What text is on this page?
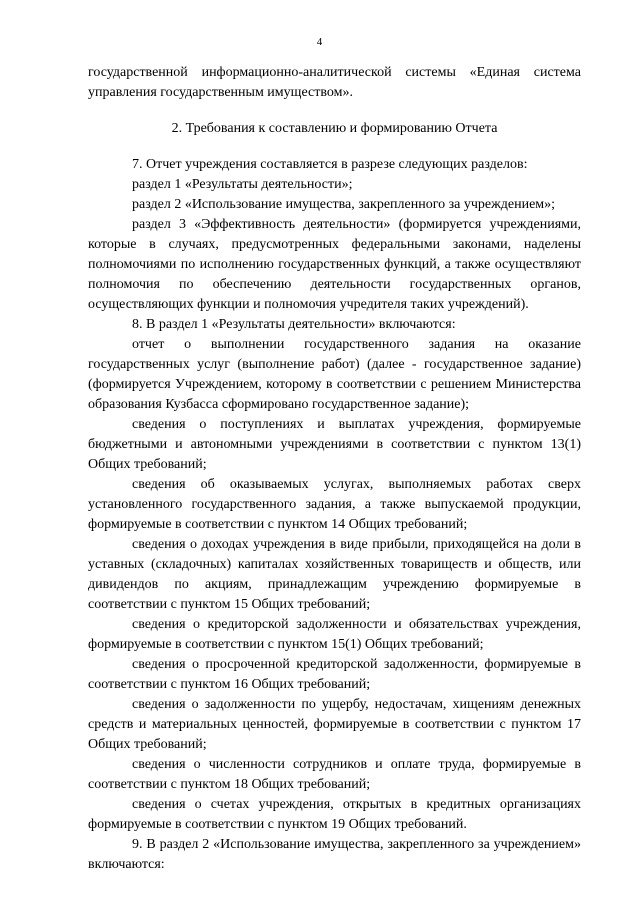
4

государственной информационно-аналитической системы «Единая система управления государственным имуществом».

2. Требования к составлению и формированию Отчета

7. Отчет учреждения составляется в разрезе следующих разделов:

раздел 1 «Результаты деятельности»;

раздел 2 «Использование имущества, закрепленного за учреждением»;

раздел 3 «Эффективность деятельности» (формируется учреждениями, которые в случаях, предусмотренных федеральными законами, наделены полномочиями по исполнению государственных функций, а также осуществляют полномочия по обеспечению деятельности государственных органов, осуществляющих функции и полномочия учредителя таких учреждений).

8. В раздел 1 «Результаты деятельности» включаются:

отчет о выполнении государственного задания на оказание государственных услуг (выполнение работ) (далее - государственное задание) (формируется Учреждением, которому в соответствии с решением Министерства образования Кузбасса сформировано государственное задание);

сведения о поступлениях и выплатах учреждения, формируемые бюджетными и автономными учреждениями в соответствии с пунктом 13(1) Общих требований;

сведения об оказываемых услугах, выполняемых работах сверх установленного государственного задания, а также выпускаемой продукции, формируемые в соответствии с пунктом 14 Общих требований;

сведения о доходах учреждения в виде прибыли, приходящейся на доли в уставных (складочных) капиталах хозяйственных товариществ и обществ, или дивидендов по акциям, принадлежащим учреждению формируемые в соответствии с пунктом 15 Общих требований;

сведения о кредиторской задолженности и обязательствах учреждения, формируемые в соответствии с пунктом 15(1) Общих требований;

сведения о просроченной кредиторской задолженности, формируемые в соответствии с пунктом 16 Общих требований;

сведения о задолженности по ущербу, недостачам, хищениям денежных средств и материальных ценностей, формируемые в соответствии с пунктом 17 Общих требований;

сведения о численности сотрудников и оплате труда, формируемые в соответствии с пунктом 18 Общих требований;

сведения о счетах учреждения, открытых в кредитных организациях формируемые в соответствии с пунктом 19 Общих требований.

9. В раздел 2 «Использование имущества, закрепленного за учреждением» включаются:
